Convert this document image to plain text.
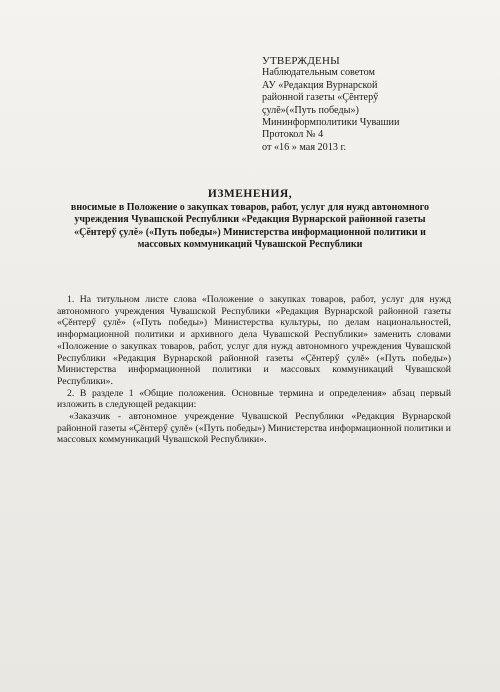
УТВЕРЖДЕНЫ
Наблюдательным советом
АУ «Редакция Вурнарской
районной газеты «Çĕнтерӳ
çулĕ»(«Путь победы»)
Мининформполитики Чувашии
Протокол № 4
от «16 » мая 2013 г.
ИЗМЕНЕНИЯ,
вносимые в Положение о закупках товаров, работ, услуг для нужд автономного
учреждения Чувашской Республики «Редакция Вурнарской районной газеты
«Çĕнтерӳ çулĕ» («Путь победы») Министерства информационной политики и
массовых коммуникаций Чувашской Республики

1. На титульном листе слова «Положение о закупках товаров, работ, услуг для нужд автономного учреждения Чувашской Республики «Редакция Вурнарской районной газеты «Çĕнтерӳ çулĕ» («Путь победы») Министерства культуры, по делам национальностей, информационной политики и архивного дела Чувашской Республики» заменить словами «Положение о закупках товаров, работ, услуг для нужд автономного учреждения Чувашской Республики «Редакция Вурнарской районной газеты «Çĕнтерӳ çулĕ» («Путь победы») Министерства информационной политики и массовых коммуникаций Чувашской Республики».

2. В разделе 1 «Общие положения. Основные термина и определения» абзац первый изложить в следующей редакции:

«Заказчик - автономное учреждение Чувашской Республики «Редакция Вурнарской районной газеты «Çĕнтерӳ çулĕ» («Путь победы») Министерства информационной политики и массовых коммуникаций Чувашской Республики».
